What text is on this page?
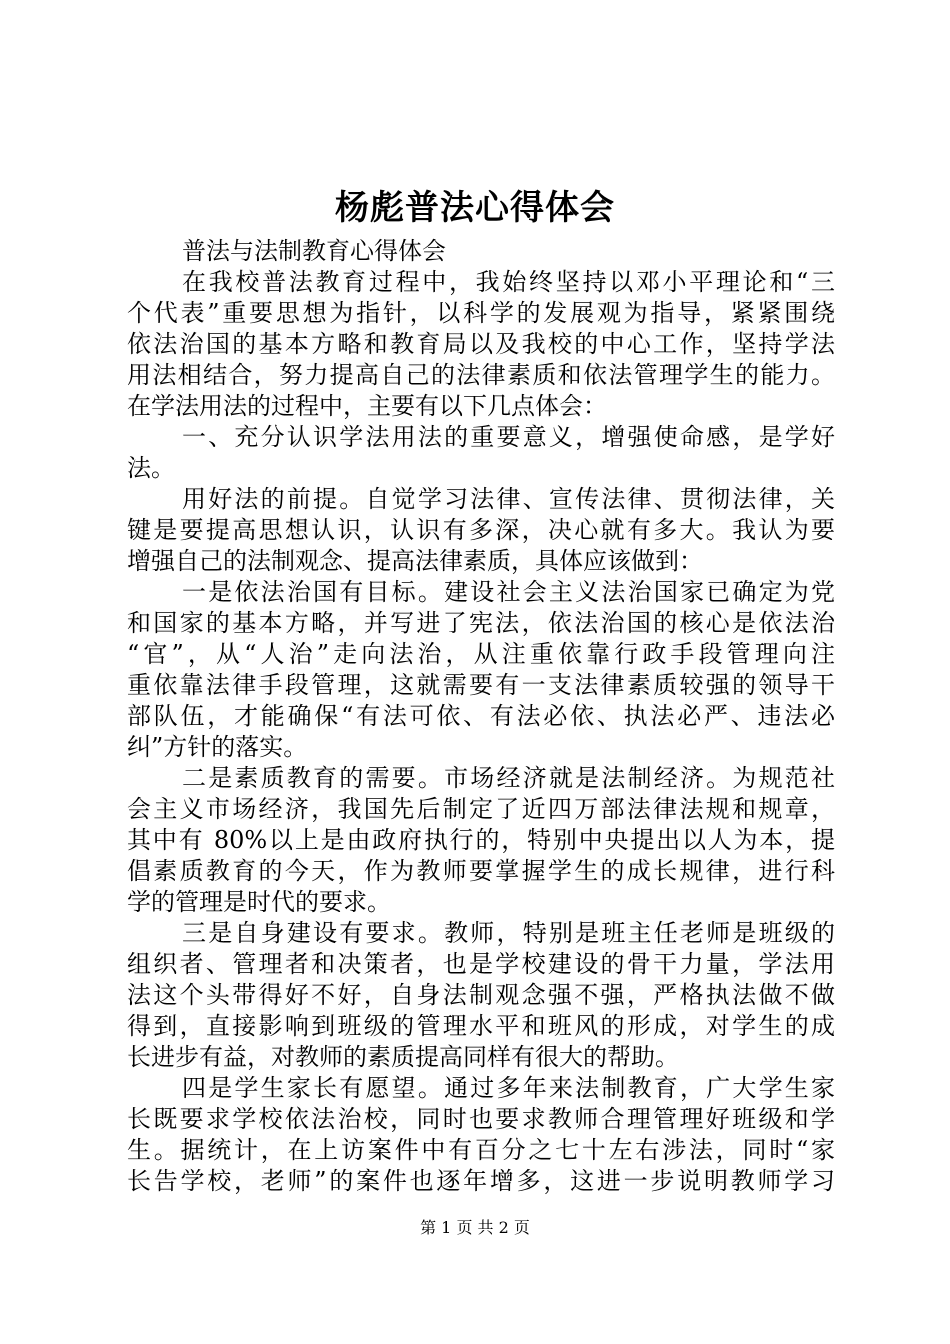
杨彪普法心得体会
普法与法制教育心得体会
在我校普法教育过程中，我始终坚持以邓小平理论和“三
个代表”重要思想为指针，以科学的发展观为指导，紧紧围绕
依法治国的基本方略和教育局以及我校的中心工作，坚持学法
用法相结合，努力提高自己的法律素质和依法管理学生的能力。
在学法用法的过程中，主要有以下几点体会：
一、充分认识学法用法的重要意义，增强使命感，是学好
法。
用好法的前提。自觉学习法律、宣传法律、贯彻法律，关
键是要提高思想认识，认识有多深，决心就有多大。我认为要
增强自己的法制观念、提高法律素质，具体应该做到：
一是依法治国有目标。建设社会主义法治国家已确定为党
和国家的基本方略，并写进了宪法，依法治国的核心是依法治
“官”，从“人治”走向法治，从注重依靠行政手段管理向注
重依靠法律手段管理，这就需要有一支法律素质较强的领导干
部队伍，才能确保“有法可依、有法必依、执法必严、违法必
纠”方针的落实。
二是素质教育的需要。市场经济就是法制经济。为规范社
会主义市场经济，我国先后制定了近四万部法律法规和规章，
其中有 80%以上是由政府执行的，特别中央提出以人为本，提
倡素质教育的今天，作为教师要掌握学生的成长规律，进行科
学的管理是时代的要求。
三是自身建设有要求。教师，特别是班主任老师是班级的
组织者、管理者和决策者，也是学校建设的骨干力量，学法用
法这个头带得好不好，自身法制观念强不强，严格执法做不做
得到，直接影响到班级的管理水平和班风的形成，对学生的成
长进步有益，对教师的素质提高同样有很大的帮助。
四是学生家长有愿望。通过多年来法制教育，广大学生家
长既要求学校依法治校，同时也要求教师合理管理好班级和学
生。据统计，在上访案件中有百分之七十左右涉法，同时“家
长告学校，老师”的案件也逐年增多，这进一步说明教师学习
第 1 页 共 2 页
